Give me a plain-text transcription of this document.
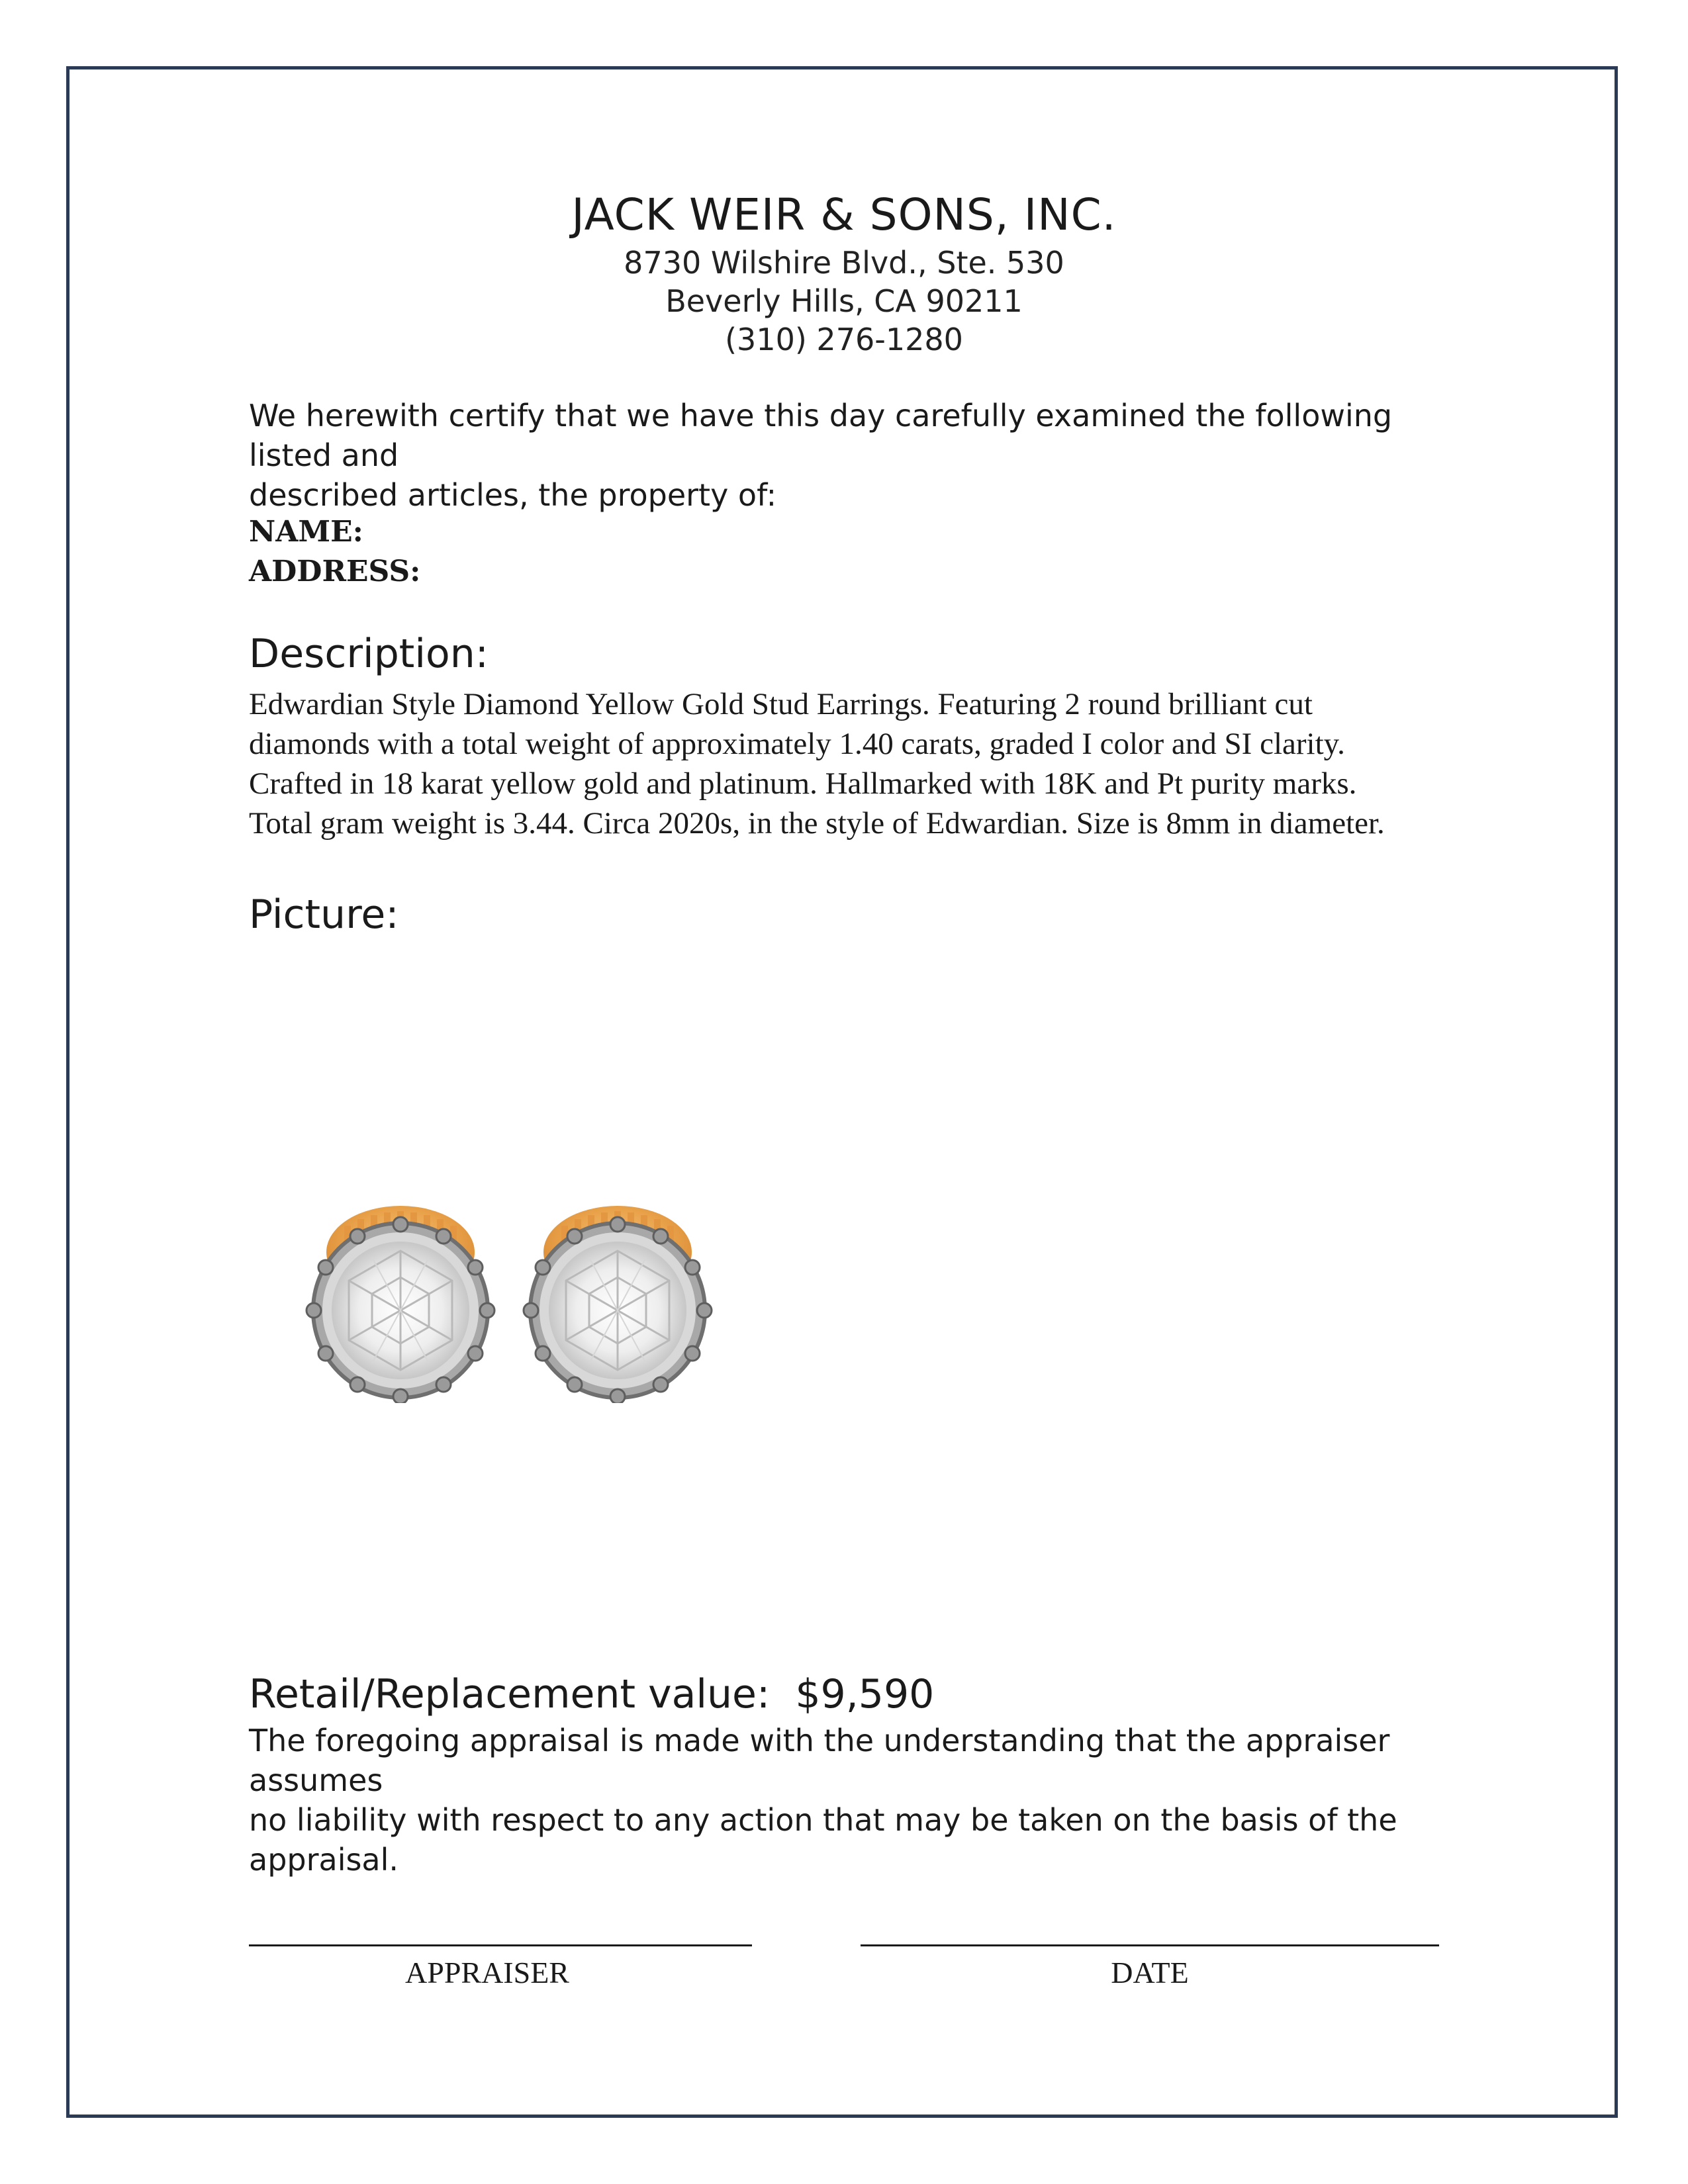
JACK WEIR & SONS, INC.
8730 Wilshire Blvd., Ste. 530
Beverly Hills, CA 90211
(310) 276-1280
We herewith certify that we have this day carefully examined the following listed and
described articles, the property of:
NAME:
ADDRESS:
Description:
Edwardian Style Diamond Yellow Gold Stud Earrings. Featuring 2 round brilliant cut
diamonds with a total weight of approximately 1.40 carats, graded I color and SI clarity.
Crafted in 18 karat yellow gold and platinum. Hallmarked with 18K and Pt purity marks.
Total gram weight is 3.44. Circa 2020s, in the style of Edwardian. Size is 8mm in diameter.
Picture:
Retail/Replacement value: $9,590
The foregoing appraisal is made with the understanding that the appraiser assumes
no liability with respect to any action that may be taken on the basis of the appraisal.
APPRAISER	DATE
